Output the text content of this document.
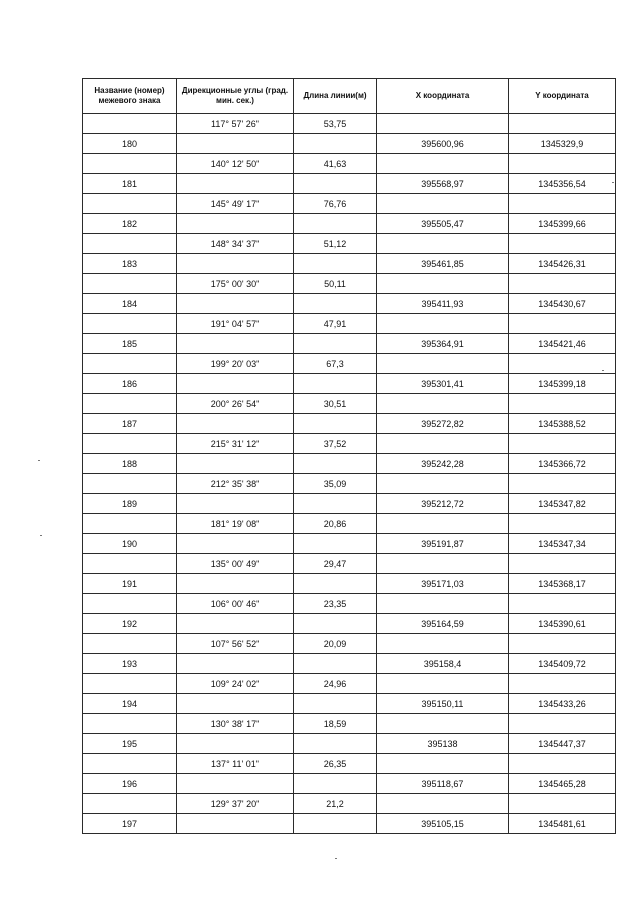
Название (номер) межевого знака	Дирекционные углы (град. мин. сек.)	Длина линии(м)	X координата	Y координата
	117° 57' 26"	53,75		
180			395600,96	1345329,9
	140° 12' 50"	41,63		
181			395568,97	1345356,54
	145° 49' 17"	76,76		
182			395505,47	1345399,66
	148° 34' 37"	51,12		
183			395461,85	1345426,31
	175° 00' 30"	50,11		
184			395411,93	1345430,67
	191° 04' 57"	47,91		
185			395364,91	1345421,46
	199° 20' 03"	67,3		
186			395301,41	1345399,18
	200° 26' 54"	30,51		
187			395272,82	1345388,52
	215° 31' 12"	37,52		
188			395242,28	1345366,72
	212° 35' 38"	35,09		
189			395212,72	1345347,82
	181° 19' 08"	20,86		
190			395191,87	1345347,34
	135° 00' 49"	29,47		
191			395171,03	1345368,17
	106° 00' 46"	23,35		
192			395164,59	1345390,61
	107° 56' 52"	20,09		
193			395158,4	1345409,72
	109° 24' 02"	24,96		
194			395150,11	1345433,26
	130° 38' 17"	18,59		
195			395138	1345447,37
	137° 11' 01"	26,35		
196			395118,67	1345465,28
	129° 37' 20"	21,2		
197			395105,15	1345481,61
